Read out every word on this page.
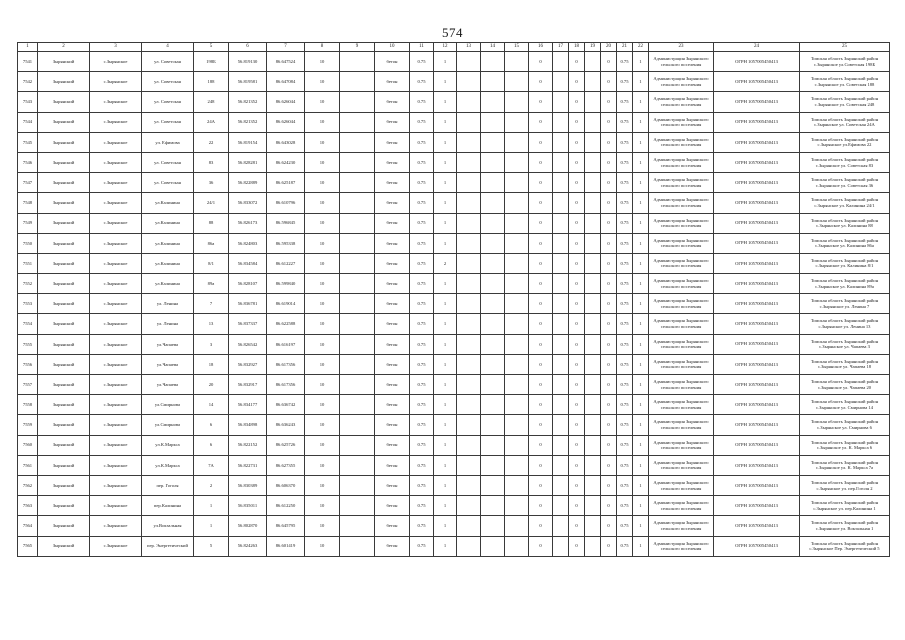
574
1	2	3	4	5	6	7	8	9	10	11	12	13	14	15	16	17	18	19	20	21	22	23	24	25
7541	Зырянский	с.Зырянское	ул. Советская	198Б	56.819130	86.647524	10		бетон	0.75	1				0		0		0	0.75	1	Администрация Зырянского сельского поселения	ОГРН 1057005450413	Томская область Зырянский район с.Зырянское ул.Советская 198Б
7542	Зырянский	с.Зырянское	ул. Советская	188	56.819581	86.647084	10		бетон	0.75	1				0		0		0	0.75	1	Администрация Зырянского сельского поселения	ОГРН 1057005450413	Томская область Зырянский район с.Зырянское ул. Советская 188
7543	Зырянский	с.Зырянское	ул. Советская	248	56.821352	86.626044	10		бетон	0.75	1				0		0		0	0.75	1	Администрация Зырянского сельского поселения	ОГРН 1057005450413	Томская область Зырянский район с.Зырянское ул. Советская 248
7544	Зырянский	с.Зырянское	ул. Советская	24А	56.821352	86.626044	10		бетон	0.75	1				0		0		0	0.75	1	Администрация Зырянского сельского поселения	ОГРН 1057005450413	Томская область Зырянский район с.Зырянское ул. Советская 24А
7545	Зырянский	с.Зырянское	ул. Ефимова	22	56.819154	86.643028	10		бетон	0.75	1				0		0		0	0.75	1	Администрация Зырянского сельского поселения	ОГРН 1057005450413	Томская область Зырянский район с.Зырянское ул.Ефимова 22
7546	Зырянский	с.Зырянское	ул. Советская	83	56.828281	86.624230	10		бетон	0.75	1				0		0		0	0.75	1	Администрация Зырянского сельского поселения	ОГРН 1057005450413	Томская область Зырянский район с.Зырянское ул. Советская 83
7547	Зырянский	с.Зырянское	ул. Советская	36	56.822889	86.625187	10		бетон	0.75	1				0		0		0	0.75	1	Администрация Зырянского сельского поселения	ОГРН 1057005450413	Томская область Зырянский район с.Зырянское ул. Советская 36
7548	Зырянский	с.Зырянское	ул.Калинина	24/1	56.833072	86.610796	10		бетон	0.75	1				0		0		0	0.75	1	Администрация Зырянского сельского поселения	ОГРН 1057005450413	Томская область Зырянский район с.Зырянское ул. Калинина 24/1
7549	Зырянский	с.Зырянское	ул.Калинина	88	56.826173	86.596845	10		бетон	0.75	1				0		0		0	0.75	1	Администрация Зырянского сельского поселения	ОГРН 1057005450413	Томская область Зырянский район с.Зырянское ул. Калинина 88
7550	Зырянский	с.Зырянское	ул.Калинина	86а	56.824803	86.595338	10		бетон	0.75	1				0		0		0	0.75	1	Администрация Зырянского сельского поселения	ОГРН 1057005450413	Томская область Зырянский район с.Зырянское ул. Калинина 86а
7551	Зырянский	с.Зырянское	ул.Калинина	8/1	56.834584	86.612227	10		бетон	0.75	2				0		0		0	0.75	1	Администрация Зырянского сельского поселения	ОГРН 1057005450413	Томская область Зырянский район с.Зырянское ул. Калинина 8/1
7552	Зырянский	с.Зырянское	ул.Калинина	89а	56.828107	86.599840	10		бетон	0.75	1				0		0		0	0.75	1	Администрация Зырянского сельского поселения	ОГРН 1057005450413	Томская область Зырянский район с.Зырянское ул. Калинина 89а
7553	Зырянский	с.Зырянское	ул. Ленина	7	56.836781	86.619014	10		бетон	0.75	1				0		0		0	0.75	1	Администрация Зырянского сельского поселения	ОГРН 1057005450413	Томская область Зырянский район с.Зырянское ул. Ленина 7
7554	Зырянский	с.Зырянское	ул. Ленина	13	56.837337	86.622588	10		бетон	0.75	1				0		0		0	0.75	1	Администрация Зырянского сельского поселения	ОГРН 1057005450413	Томская область Зырянский район с.Зырянское ул. Ленина 13
7555	Зырянский	с.Зырянское	ул.Чапаева	3	56.826542	86.616197	10		бетон	0.75	1				0		0		0	0.75	1	Администрация Зырянского сельского поселения	ОГРН 1057005450413	Томская область Зырянский район с.Зырянское ул. Чапаева 3
7556	Зырянский	с.Зырянское	ул.Чапаева	18	56.832927	86.617356	10		бетон	0.75	1				0		0		0	0.75	1	Администрация Зырянского сельского поселения	ОГРН 1057005450413	Томская область Зырянский район с.Зырянское ул. Чапаева 18
7557	Зырянский	с.Зырянское	ул.Чапаева	20	56.832917	86.617356	10		бетон	0.75	1				0		0		0	0.75	1	Администрация Зырянского сельского поселения	ОГРН 1057005450413	Томская область Зырянский район с.Зырянское ул. Чапаева 20
7558	Зырянский	с.Зырянское	ул.Смирнова	14	56.834177	86.636742	10		бетон	0.75	1				0		0		0	0.75	1	Администрация Зырянского сельского поселения	ОГРН 1057005450413	Томская область Зырянский район с.Зырянское ул. Смирнова 14
7559	Зырянский	с.Зырянское	ул.Смирнова	6	56.834898	86.636243	10		бетон	0.75	1				0		0		0	0.75	1	Администрация Зырянского сельского поселения	ОГРН 1057005450413	Томская область Зырянский район с.Зырянское ул. Смирнова 6
7560	Зырянский	с.Зырянское	ул.К.Маркса	6	56.822152	86.625726	10		бетон	0.75	1				0		0		0	0.75	1	Администрация Зырянского сельского поселения	ОГРН 1057005450413	Томская область Зырянский район с.Зырянское ул. К. Маркса 6
7561	Зырянский	с.Зырянское	ул.К.Маркса	7А	56.822731	86.627355	10		бетон	0.75	1				0		0		0	0.75	1	Администрация Зырянского сельского поселения	ОГРН 1057005450413	Томская область Зырянский район с.Зырянское ул. К. Маркса 7а
7562	Зырянский	с.Зырянское	пер. Гоголя	2	56.830389	86.606370	10		бетон	0.75	1				0		0		0	0.75	1	Администрация Зырянского сельского поселения	ОГРН 1057005450413	Томская область Зырянский район с.Зырянское ул. пер.Гоголя 2
7563	Зырянский	с.Зырянское	пер.Калинина	1	56.835011	86.612250	10		бетон	0.75	1				0		0		0	0.75	1	Администрация Зырянского сельского поселения	ОГРН 1057005450413	Томская область Зырянский район с.Зырянское ул. пер.Калинина 1
7564	Зырянский	с.Зырянское	ул.Вокзальная	1	56.802870	86.645795	10		бетон	0.75	1				0		0		0	0.75	1	Администрация Зырянского сельского поселения	ОГРН 1057005450413	Томская область Зырянский район с.Зырянское ул. Вокзальная 1
7565	Зырянский	с.Зырянское	пер. Энергетический	5	56.824263	86.601419	10		бетон	0.75	1				0		0		0	0.75	1	Администрация Зырянского сельского поселения	ОГРН 1057005450413	Томская область Зырянский район с.Зырянское Пер. Энергетический 5
